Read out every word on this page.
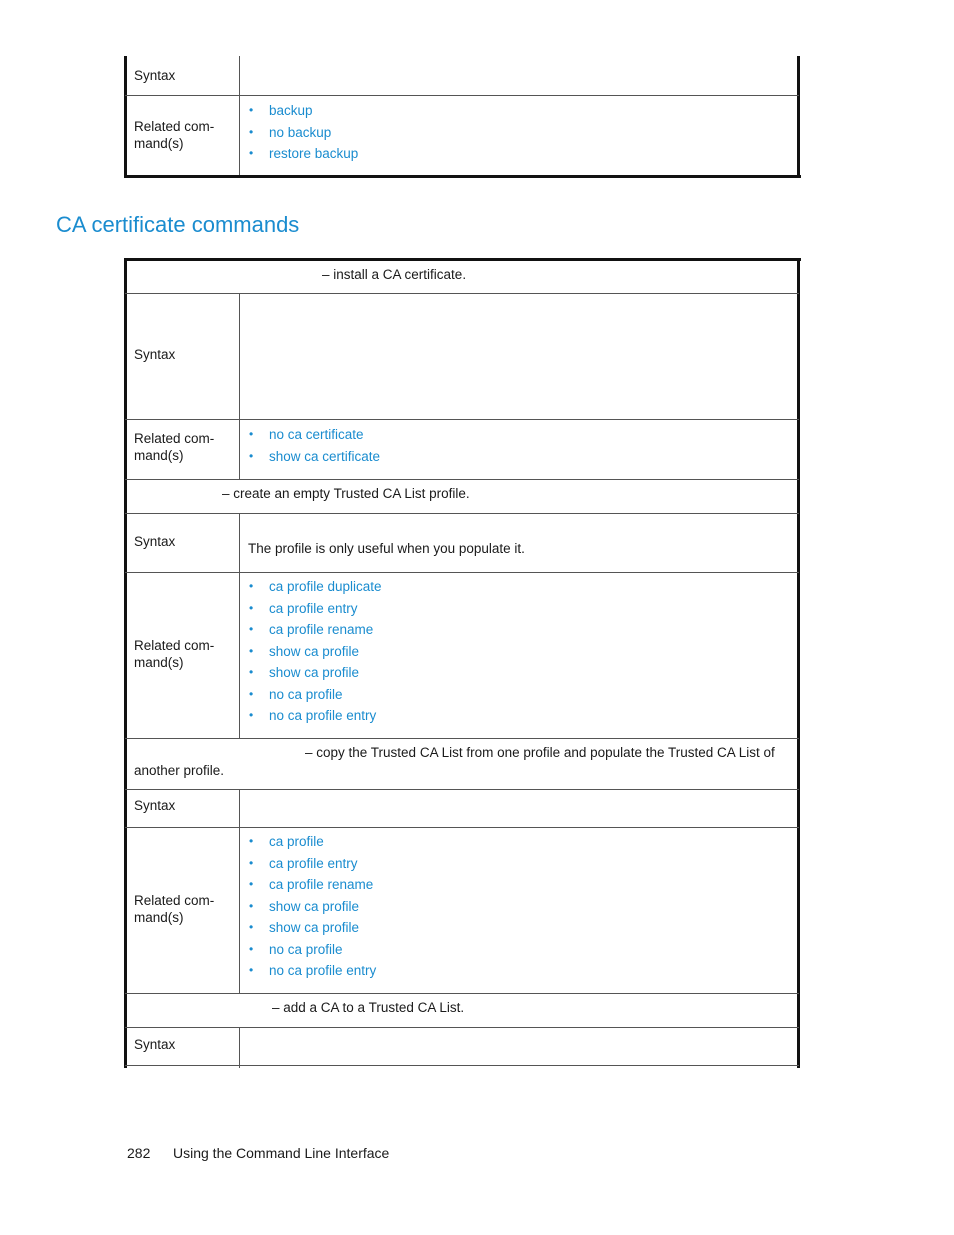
Syntax
Related com-
mand(s)
• backup
• no backup
• restore backup
CA certificate commands
– install a CA certificate.
Syntax
Related com-
mand(s)
• no ca certificate
• show ca certificate
– create an empty Trusted CA List profile.
Syntax	The profile is only useful when you populate it.
Related com-
mand(s)
• ca profile duplicate
• ca profile entry
• ca profile rename
• show ca profile
• show ca profile
• no ca profile
• no ca profile entry
– copy the Trusted CA List from one profile and populate the Trusted CA List of
another profile.
Syntax
Related com-
mand(s)
• ca profile
• ca profile entry
• ca profile rename
• show ca profile
• show ca profile
• no ca profile
• no ca profile entry
– add a CA to a Trusted CA List.
Syntax
282 Using the Command Line Interface
